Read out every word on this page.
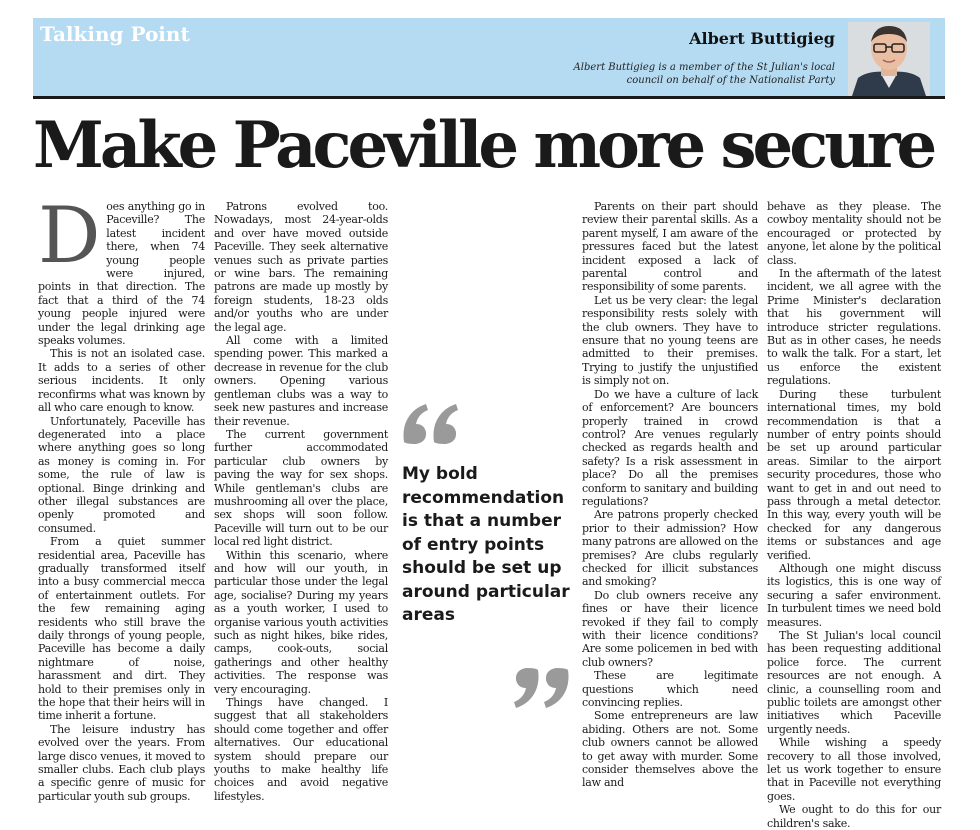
Talking Point	Albert Buttigieg
Albert Buttigieg is a member of the St Julian's local council on behalf of the Nationalist Party
Make Paceville more secure

Does anything go in Paceville? The latest incident there, when 74 young people were injured, points in that direction. The fact that a third of the 74 young people injured were under the legal drinking age speaks volumes.

This is not an isolated case. It adds to a series of other serious incidents. It only reconfirms what was known by all who care enough to know.

Unfortunately, Paceville has degenerated into a place where anything goes so long as money is coming in. For some, the rule of law is optional. Binge drinking and other illegal substances are openly promoted and consumed.

From a quiet summer residential area, Paceville has gradually transformed itself into a busy commercial mecca of entertainment outlets. For the few remaining aging residents who still brave the daily throngs of young people, Paceville has become a daily nightmare of noise, harassment and dirt. They hold to their premises only in the hope that their heirs will in time inherit a fortune.

The leisure industry has evolved over the years. From large disco venues, it moved to smaller clubs. Each club plays a specific genre of music for particular youth sub groups.

Patrons evolved too. Nowadays, most 24-year-olds and over have moved outside Paceville. They seek alternative venues such as private parties or wine bars. The remaining patrons are made up mostly by foreign students, 18-23 olds and/or youths who are under the legal age.

All come with a limited spending power. This marked a decrease in revenue for the club owners. Opening various gentleman clubs was a way to seek new pastures and increase their revenue.

The current government further accommodated particular club owners by paving the way for sex shops. While gentleman's clubs are mushrooming all over the place, sex shops will soon follow. Paceville will turn out to be our local red light district.

Within this scenario, where and how will our youth, in particular those under the legal age, socialise? During my years as a youth worker, I used to organise various youth activities such as night hikes, bike rides, camps, cook-outs, social gatherings and other healthy activities. The response was very encouraging.

Things have changed. I suggest that all stakeholders should come together and offer alternatives. Our educational system should prepare our youths to make healthy life choices and avoid negative lifestyles.

My bold recommendation is that a number of entry points should be set up around particular areas

Parents on their part should review their parental skills. As a parent myself, I am aware of the pressures faced but the latest incident exposed a lack of parental control and responsibility of some parents.

Let us be very clear: the legal responsibility rests solely with the club owners. They have to ensure that no young teens are admitted to their premises. Trying to justify the unjustified is simply not on.

Do we have a culture of lack of enforcement? Are bouncers properly trained in crowd control? Are venues regularly checked as regards health and safety? Is a risk assessment in place? Do all the premises conform to sanitary and building regulations?

Are patrons properly checked prior to their admission? How many patrons are allowed on the premises? Are clubs regularly checked for illicit substances and smoking?

Do club owners receive any fines or have their licence revoked if they fail to comply with their licence conditions? Are some policemen in bed with club owners?

These are legitimate questions which need convincing replies.

Some entrepreneurs are law abiding. Others are not. Some club owners cannot be allowed to get away with murder. Some consider themselves above the law and

behave as they please. The cowboy mentality should not be encouraged or protected by anyone, let alone by the political class.

In the aftermath of the latest incident, we all agree with the Prime Minister's declaration that his government will introduce stricter regulations. But as in other cases, he needs to walk the talk. For a start, let us enforce the existent regulations.

During these turbulent international times, my bold recommendation is that a number of entry points should be set up around particular areas. Similar to the airport security procedures, those who want to get in and out need to pass through a metal detector. In this way, every youth will be checked for any dangerous items or substances and age verified.

Although one might discuss its logistics, this is one way of securing a safer environment. In turbulent times we need bold measures.

The St Julian's local council has been requesting additional police force. The current resources are not enough. A clinic, a counselling room and public toilets are amongst other initiatives which Paceville urgently needs.

While wishing a speedy recovery to all those involved, let us work together to ensure that in Paceville not everything goes.

We ought to do this for our children's sake.
